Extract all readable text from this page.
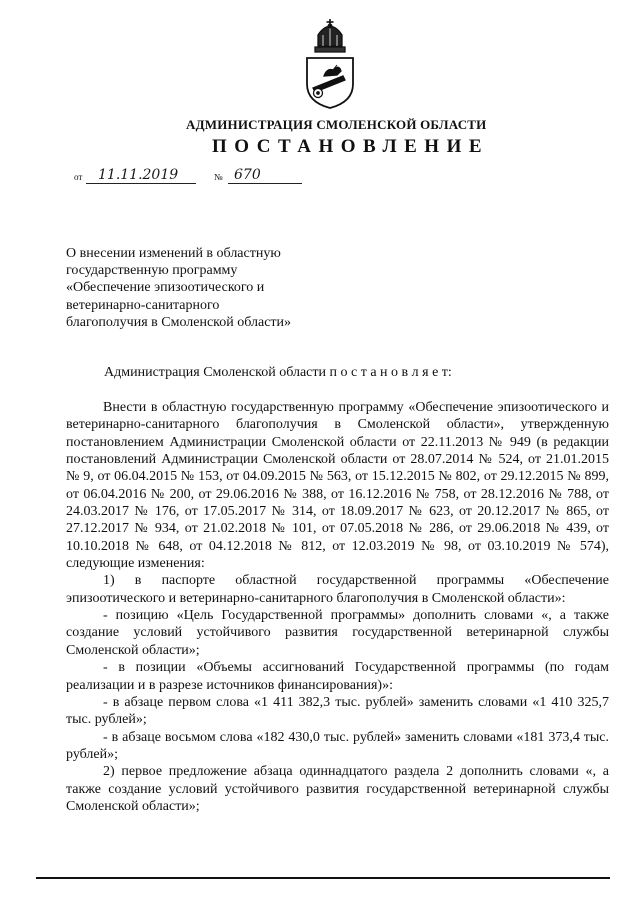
АДМИНИСТРАЦИЯ СМОЛЕНСКОЙ ОБЛАСТИ
ПОСТАНОВЛЕНИЕ
от 11.11.2019	№ 670
О внесении изменений в областную
государственную программу
«Обеспечение эпизоотического и
ветеринарно-санитарного
благополучия в Смоленской области»
Администрация Смоленской области п о с т а н о в л я е т:

Внести в областную государственную программу «Обеспечение эпизоотического и ветеринарно-санитарного благополучия в Смоленской области», утвержденную постановлением Администрации Смоленской области от 22.11.2013 № 949 (в редакции постановлений Администрации Смоленской области от 28.07.2014 № 524, от 21.01.2015 № 9, от 06.04.2015 № 153, от 04.09.2015 № 563, от 15.12.2015 № 802, от 29.12.2015 № 899, от 06.04.2016 № 200, от 29.06.2016 № 388, от 16.12.2016 № 758, от 28.12.2016 № 788, от 24.03.2017 № 176, от 17.05.2017 № 314, от 18.09.2017 № 623, от 20.12.2017 № 865, от 27.12.2017 № 934, от 21.02.2018 № 101, от 07.05.2018 № 286, от 29.06.2018 № 439, от 10.10.2018 № 648, от 04.12.2018 № 812, от 12.03.2019 № 98, от 03.10.2019 № 574), следующие изменения:

1) в паспорте областной государственной программы «Обеспечение эпизоотического и ветеринарно-санитарного благополучия в Смоленской области»:

- позицию «Цель Государственной программы» дополнить словами «, а также создание условий устойчивого развития государственной ветеринарной службы Смоленской области»;

- в позиции «Объемы ассигнований Государственной программы (по годам реализации и в разрезе источников финансирования)»:

- в абзаце первом слова «1 411 382,3 тыс. рублей» заменить словами «1 410 325,7 тыс. рублей»;

- в абзаце восьмом слова «182 430,0 тыс. рублей» заменить словами «181 373,4 тыс. рублей»;

2) первое предложение абзаца одиннадцатого раздела 2 дополнить словами «, а также создание условий устойчивого развития государственной ветеринарной службы Смоленской области»;
